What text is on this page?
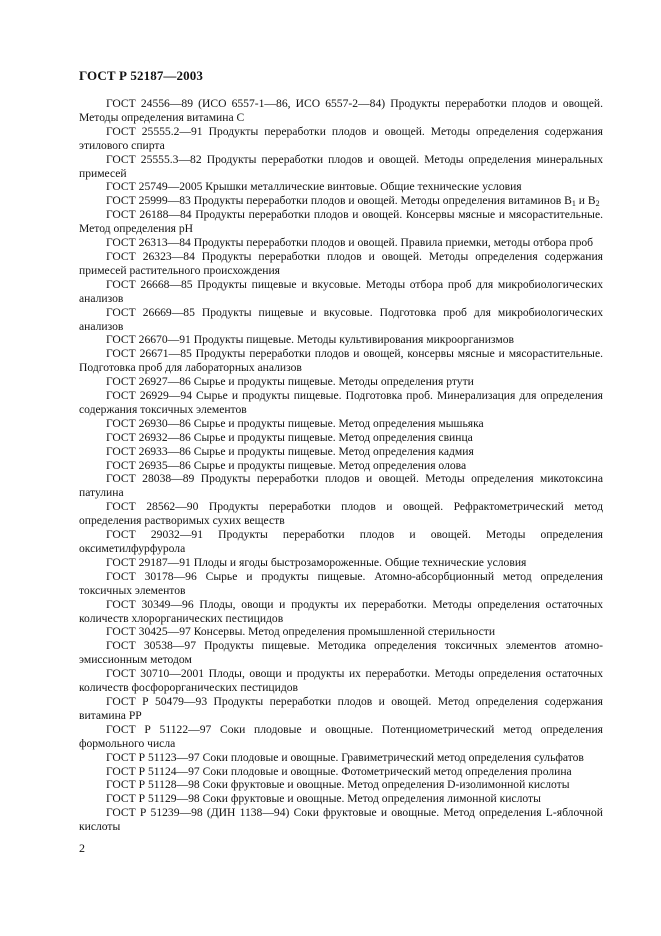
ГОСТ Р 52187—2003

ГОСТ 24556—89 (ИСО 6557-1—86, ИСО 6557-2—84) Продукты переработки плодов и овощей. Методы определения витамина С

ГОСТ 25555.2—91 Продукты переработки плодов и овощей. Методы определения содержания этилового спирта

ГОСТ 25555.3—82 Продукты переработки плодов и овощей. Методы определения минеральных примесей

ГОСТ 25749—2005 Крышки металлические винтовые. Общие технические условия

ГОСТ 25999—83 Продукты переработки плодов и овощей. Методы определения витаминов $В_1$ и $В_2$

ГОСТ 26188—84 Продукты переработки плодов и овощей. Консервы мясные и мясорастительные. Метод определения рН

ГОСТ 26313—84 Продукты переработки плодов и овощей. Правила приемки, методы отбора проб

ГОСТ 26323—84 Продукты переработки плодов и овощей. Методы определения содержания примесей растительного происхождения

ГОСТ 26668—85 Продукты пищевые и вкусовые. Методы отбора проб для микробиологических анализов

ГОСТ 26669—85 Продукты пищевые и вкусовые. Подготовка проб для микробиологических анализов

ГОСТ 26670—91 Продукты пищевые. Методы культивирования микроорганизмов

ГОСТ 26671—85 Продукты переработки плодов и овощей, консервы мясные и мясорастительные. Подготовка проб для лабораторных анализов

ГОСТ 26927—86 Сырье и продукты пищевые. Методы определения ртути

ГОСТ 26929—94 Сырье и продукты пищевые. Подготовка проб. Минерализация для определения содержания токсичных элементов

ГОСТ 26930—86 Сырье и продукты пищевые. Метод определения мышьяка

ГОСТ 26932—86 Сырье и продукты пищевые. Метод определения свинца

ГОСТ 26933—86 Сырье и продукты пищевые. Метод определения кадмия

ГОСТ 26935—86 Сырье и продукты пищевые. Метод определения олова

ГОСТ 28038—89 Продукты переработки плодов и овощей. Методы определения микотоксина патулина

ГОСТ 28562—90 Продукты переработки плодов и овощей. Рефрактометрический метод определения растворимых сухих веществ

ГОСТ 29032—91 Продукты переработки плодов и овощей. Методы определения оксиметилфурфурола

ГОСТ 29187—91 Плоды и ягоды быстрозамороженные. Общие технические условия

ГОСТ 30178—96 Сырье и продукты пищевые. Атомно-абсорбционный метод определения токсичных элементов

ГОСТ 30349—96 Плоды, овощи и продукты их переработки. Методы определения остаточных количеств хлорорганических пестицидов

ГОСТ 30425—97 Консервы. Метод определения промышленной стерильности

ГОСТ 30538—97 Продукты пищевые. Методика определения токсичных элементов атомно-эмиссионным методом

ГОСТ 30710—2001 Плоды, овощи и продукты их переработки. Методы определения остаточных количеств фосфорорганических пестицидов

ГОСТ Р 50479—93 Продукты переработки плодов и овощей. Метод определения содержания витамина РР

ГОСТ Р 51122—97 Соки плодовые и овощные. Потенциометрический метод определения формольного числа

ГОСТ Р 51123—97 Соки плодовые и овощные. Гравиметрический метод определения сульфатов

ГОСТ Р 51124—97 Соки плодовые и овощные. Фотометрический метод определения пролина

ГОСТ Р 51128—98 Соки фруктовые и овощные. Метод определения D-изолимонной кислоты

ГОСТ Р 51129—98 Соки фруктовые и овощные. Метод определения лимонной кислоты

ГОСТ Р 51239—98 (ДИН 1138—94) Соки фруктовые и овощные. Метод определения L-яблочной кислоты

2
